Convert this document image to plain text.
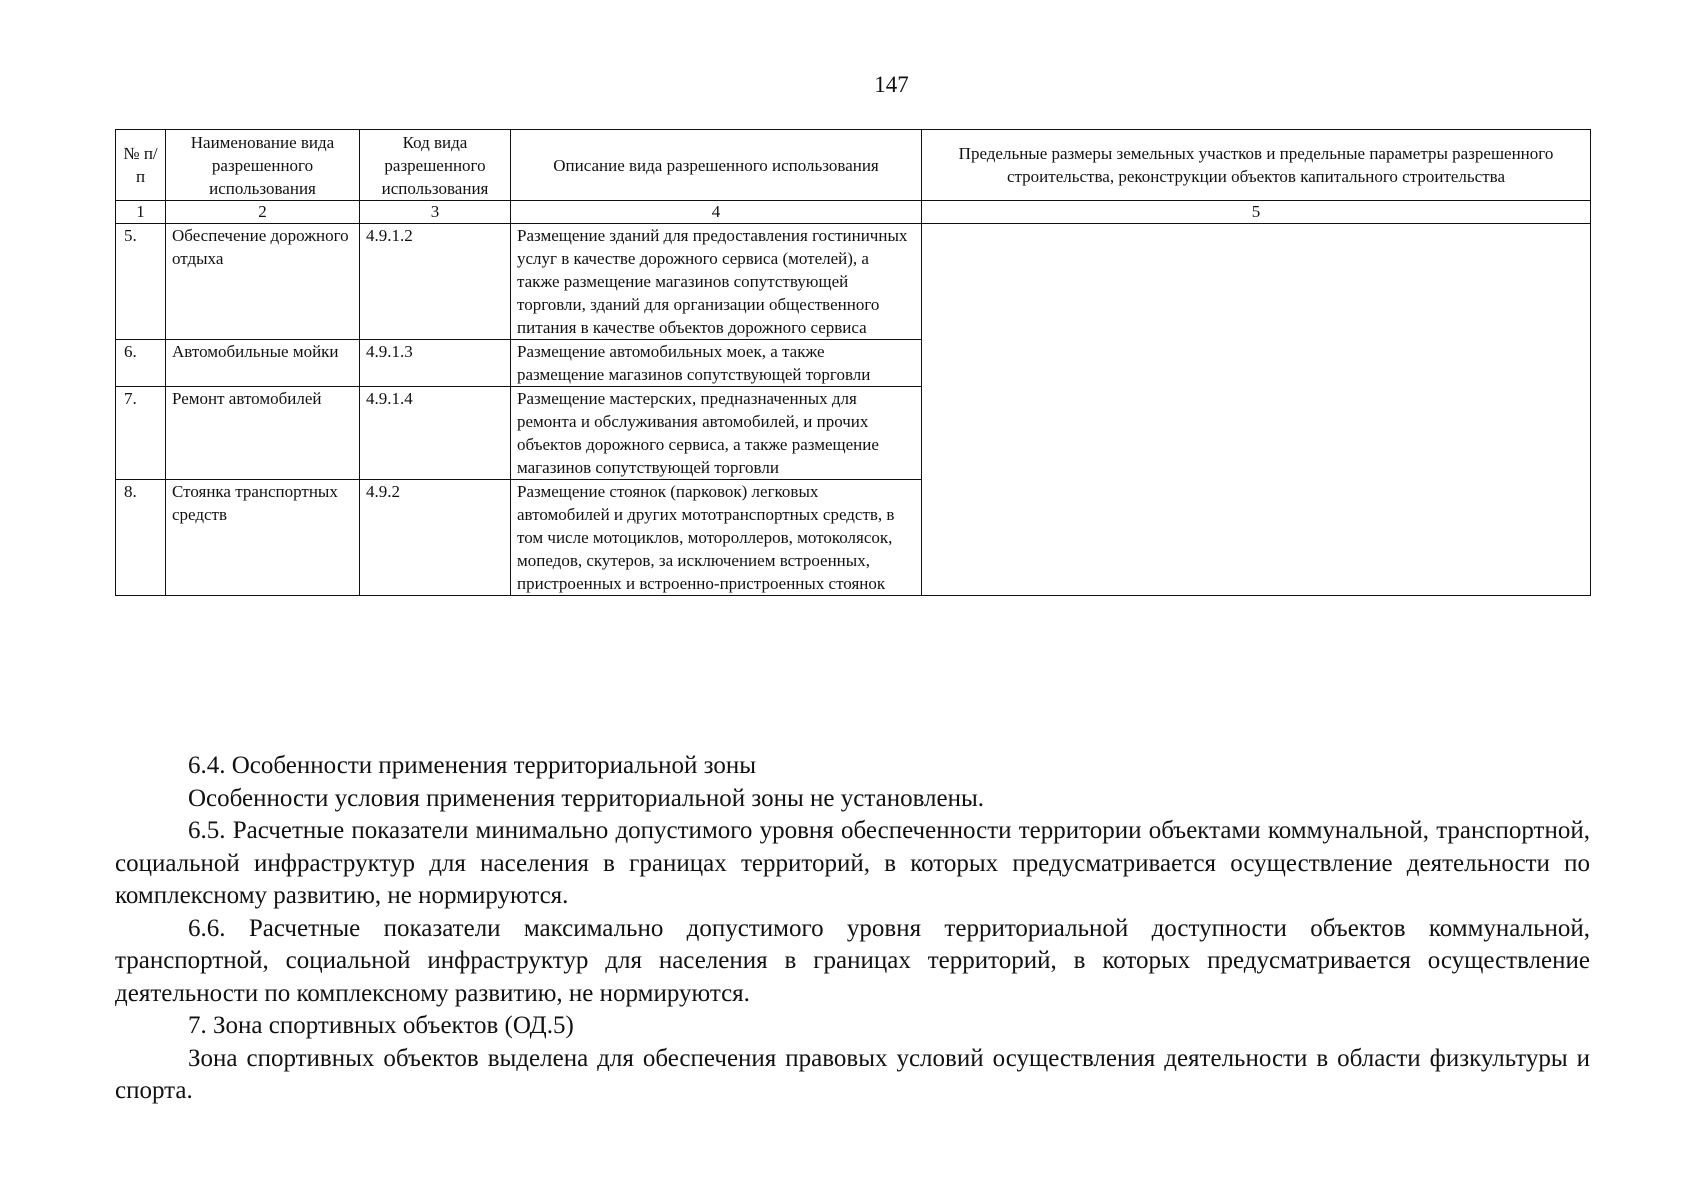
147
№ п/п	Наименование вида разрешенного использования	Код вида разрешенного использования	Описание вида разрешенного использования	Предельные размеры земельных участков и предельные параметры разрешенного строительства, реконструкции объектов капитального строительства
1	2	3	4	5
5.	Обеспечение дорожного отдыха	4.9.1.2	Размещение зданий для предоставления гостиничных услуг в качестве дорожного сервиса (мотелей), а также размещение магазинов сопутствующей торговли, зданий для организации общественного питания в качестве объектов дорожного сервиса	
6.	Автомобильные мойки	4.9.1.3	Размещение автомобильных моек, а также размещение магазинов сопутствующей торговли	
7.	Ремонт автомобилей	4.9.1.4	Размещение мастерских, предназначенных для ремонта и обслуживания автомобилей, и прочих объектов дорожного сервиса, а также размещение магазинов сопутствующей торговли	
8.	Стоянка транспортных средств	4.9.2	Размещение стоянок (парковок) легковых автомобилей и других мототранспортных средств, в том числе мотоциклов, мотороллеров, мотоколясок, мопедов, скутеров, за исключением встроенных, пристроенных и встроенно-пристроенных стоянок	

6.4. Особенности применения территориальной зоны

Особенности условия применения территориальной зоны не установлены.

6.5. Расчетные показатели минимально допустимого уровня обеспеченности территории объектами коммунальной, транспортной, социальной инфраструктур для населения в границах территорий, в которых предусматривается осуществление деятельности по комплексному развитию, не нормируются.

6.6. Расчетные показатели максимально допустимого уровня территориальной доступности объектов коммунальной, транспортной, социальной инфраструктур для населения в границах территорий, в которых предусматривается осуществление деятельности по комплексному развитию, не нормируются.

7. Зона спортивных объектов (ОД.5)

Зона спортивных объектов выделена для обеспечения правовых условий осуществления деятельности в области физкультуры и спорта.
